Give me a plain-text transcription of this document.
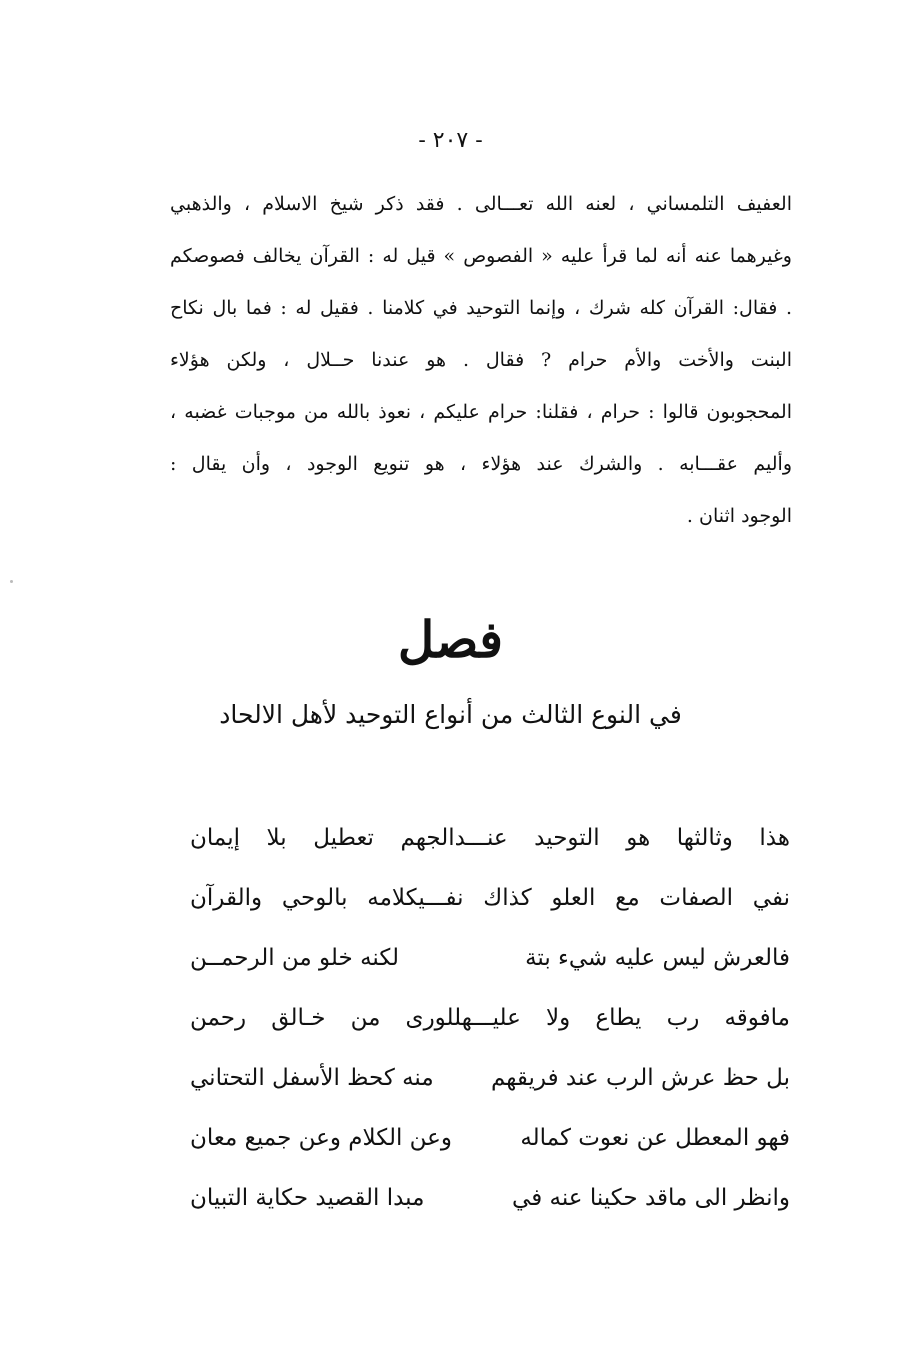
- ٢٠٧ -
العفيف التلمساني ، لعنه الله تعـــالى . فقد ذكر شيخ الاسلام ، والذهبي
وغيرهما عنه أنه لما قرأ عليه « الفصوص » قيل له : القرآن يخالف فصوصكم
. فقال: القرآن كله شرك ، وإنما التوحيد في كلامنا . فقيل له : فما بال نكاح
البنت والأخت والأم حرام ? فقال . هو عندنا حــلال ، ولكن هؤلاء
المحجوبون قالوا : حرام ، فقلنا: حرام عليكم ، نعوذ بالله من موجبات غضبه ،
وأليم عقـــابه . والشرك عند هؤلاء ، هو تنويع الوجود ، وأن يقال :
الوجود اثنان .
فصل
في النوع الثالث من أنواع التوحيد لأهل الالحاد
هذا وثالثها هو التوحيد عنـــدالجهم تعطيل بلا إيمان
نفي الصفات مع العلو كذاك نفـــيكلامه بالوحي والقرآن
فالعرش ليس عليه شيء بتة
لكنه خلو من الرحمــن
مافوقه رب يطاع ولا عليـــهللورى من خـالق رحمن
بل حظ عرش الرب عند فريقهم
منه كحظ الأسفل التحتاني
فهو المعطل عن نعوت كماله
وعن الكلام وعن جميع معان
وانظر الى ماقد حكينا عنه في
مبدا القصيد حكاية التبيان
